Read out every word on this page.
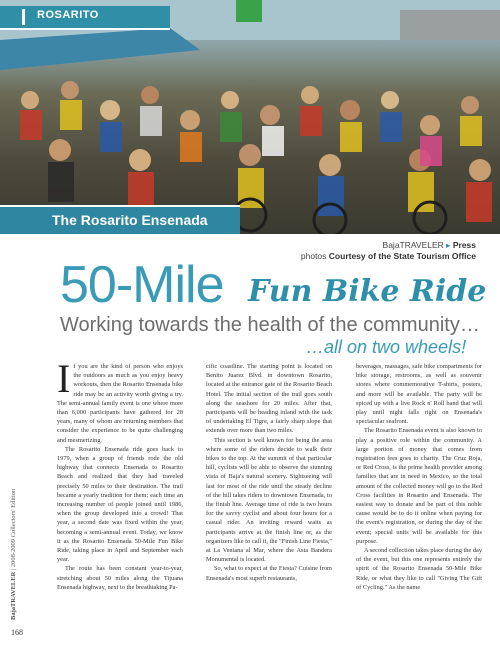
ROSARITO
The Rosarito Ensenada
BajaTRAVELER ▸ Press
photos Courtesy of the State Tourism Office
50-Mile Fun Bike Ride
Working towards the health of the community…
…all on two wheels!

If you are the kind of person who enjoys the outdoors as much as you enjoy heavy workouts, then the Rosarito Ensenada bike ride may be an activity worth giving a try. The semi-annual family event is one where more than 6,000 participants have gathered for 28 years, many of whom are returning members that consider the experience to be quite challenging and mesmerizing.

The Rosarito Ensenada ride goes back to 1979, when a group of friends rode the old highway that connects Ensenada to Rosarito Beach and realized that they had traveled precisely 50 miles to their destination. The trail became a yearly tradition for them; each time an increasing number of people joined until 1986, when the group developed into a crowd! That year, a second date was fixed within the year, becoming a semi-annual event. Today, we know it as the Rosarito Ensenada 50-Mile Fun Bike Ride, taking place in April and September each year.

The route has been constant year-to-year, stretching about 50 miles along the Tijuana Ensenada highway, next to the breathtaking Pa-

cific coastline. The starting point is located on Benito Juarez Blvd. in downtown Rosarito, located at the entrance gate of the Rosarito Beach Hotel. The initial section of the trail goes south along the seashore for 20 miles. After that, participants will be heading inland with the task of undertaking El Tigre, a fairly sharp slope that extends over more than two miles.

This section is well known for being the area where some of the riders decide to walk their bikes to the top. At the summit of that particular hill, cyclists will be able to observe the stunning vista of Baja's natural scenery. Sightseeing will last for most of the ride until the steady decline of the hill takes riders to downtown Ensenada, to the finish line. Average time of ride is two hours for the savvy cyclist and about four hours for a casual rider. An inviting reward waits as participants arrive at the finish line or, as the organizers like to call it, the "Finish Line Fiesta," at La Ventana al Mar, where the Asta Bandera Monumental is located.

So, what to expect at the Fiesta? Cuisine from Ensenada's most superb restaurants,

beverages, massages, safe bike compartments for bike storage, restrooms, as well as souvenir stores where commemorative T-shirts, posters, and more will be available. The party will be spiced up with a live Rock n' Roll band that will play until night falls right on Ensenada's spectacular seafront.

The Rosarito Ensenada event is also known to play a positive role within the community. A large portion of money that comes from registration fees goes to charity. The Cruz Roja, or Red Cross, is the prime health provider among families that are in need in Mexico, so the total amount of the collected money will go to the Red Cross facilities in Rosarito and Ensenada. The easiest way to donate and be part of this noble cause would be to do it online when paying for the event's registration, or during the day of the event; special units will be available for this purpose.

A second collection takes place during the day of the event, but this one represents entirely the spirit of the Rosarito Ensenada 50-Mile Bike Ride, or what they like to call "Giving The Gift of Cycling." As the name

BajaTRAVELER | 2008-2009 Collectors' Edition
168
